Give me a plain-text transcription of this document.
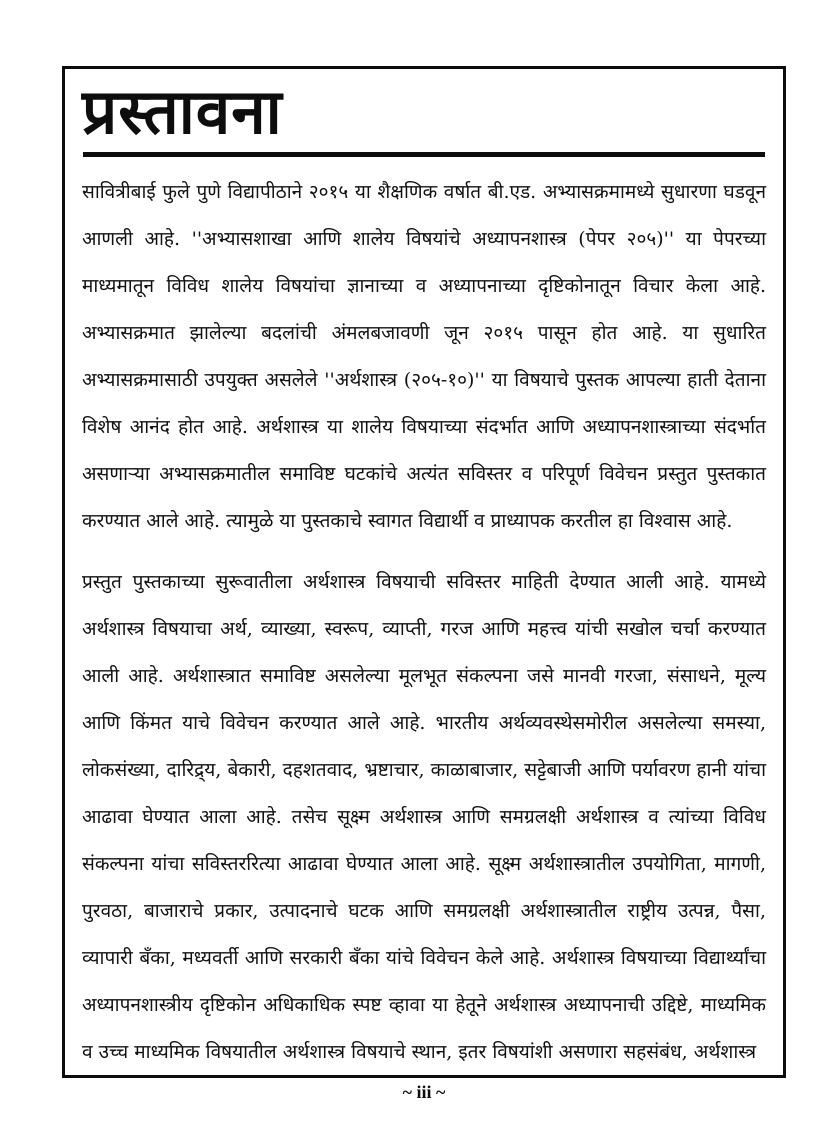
प्रस्तावना

सावित्रीबाई फुले पुणे विद्यापीठाने २०१५ या शैक्षणिक वर्षात बी.एड. अभ्यासक्रमामध्ये सुधारणा घडवून आणली आहे. ''अभ्यासशाखा आणि शालेय विषयांचे अध्यापनशास्त्र (पेपर २०५)'' या पेपरच्या माध्यमातून विविध शालेय विषयांचा ज्ञानाच्या व अध्यापनाच्या दृष्टिकोनातून विचार केला आहे. अभ्यासक्रमात झालेल्या बदलांची अंमलबजावणी जून २०१५ पासून होत आहे. या सुधारित अभ्यासक्रमासाठी उपयुक्त असलेले ''अर्थशास्त्र (२०५-१०)'' या विषयाचे पुस्तक आपल्या हाती देताना विशेष आनंद होत आहे. अर्थशास्त्र या शालेय विषयाच्या संदर्भात आणि अध्यापनशास्त्राच्या संदर्भात असणाऱ्या अभ्यासक्रमातील समाविष्ट घटकांचे अत्यंत सविस्तर व परिपूर्ण विवेचन प्रस्तुत पुस्तकात करण्यात आले आहे. त्यामुळे या पुस्तकाचे स्वागत विद्यार्थी व प्राध्यापक करतील हा विश्वास आहे.

प्रस्तुत पुस्तकाच्या सुरूवातीला अर्थशास्त्र विषयाची सविस्तर माहिती देण्यात आली आहे. यामध्ये अर्थशास्त्र विषयाचा अर्थ, व्याख्या, स्वरूप, व्याप्ती, गरज आणि महत्त्व यांची सखोल चर्चा करण्यात आली आहे. अर्थशास्त्रात समाविष्ट असलेल्या मूलभूत संकल्पना जसे मानवी गरजा, संसाधने, मूल्य आणि किंमत याचे विवेचन करण्यात आले आहे. भारतीय अर्थव्यवस्थेसमोरील असलेल्या समस्या, लोकसंख्या, दारिद्र्य, बेकारी, दहशतवाद, भ्रष्टाचार, काळाबाजार, सट्टेबाजी आणि पर्यावरण हानी यांचा आढावा घेण्यात आला आहे. तसेच सूक्ष्म अर्थशास्त्र आणि समग्रलक्षी अर्थशास्त्र व त्यांच्या विविध संकल्पना यांचा सविस्तररित्या आढावा घेण्यात आला आहे. सूक्ष्म अर्थशास्त्रातील उपयोगिता, मागणी, पुरवठा, बाजाराचे प्रकार, उत्पादनाचे घटक आणि समग्रलक्षी अर्थशास्त्रातील राष्ट्रीय उत्पन्न, पैसा, व्यापारी बँका, मध्यवर्ती आणि सरकारी बँका यांचे विवेचन केले आहे. अर्थशास्त्र विषयाच्या विद्यार्थ्यांचा अध्यापनशास्त्रीय दृष्टिकोन अधिकाधिक स्पष्ट व्हावा या हेतूने अर्थशास्त्र अध्यापनाची उद्दिष्टे, माध्यमिक व उच्च माध्यमिक विषयातील अर्थशास्त्र विषयाचे स्थान, इतर विषयांशी असणारा सहसंबंध, अर्थशास्त्र

~ iii ~
